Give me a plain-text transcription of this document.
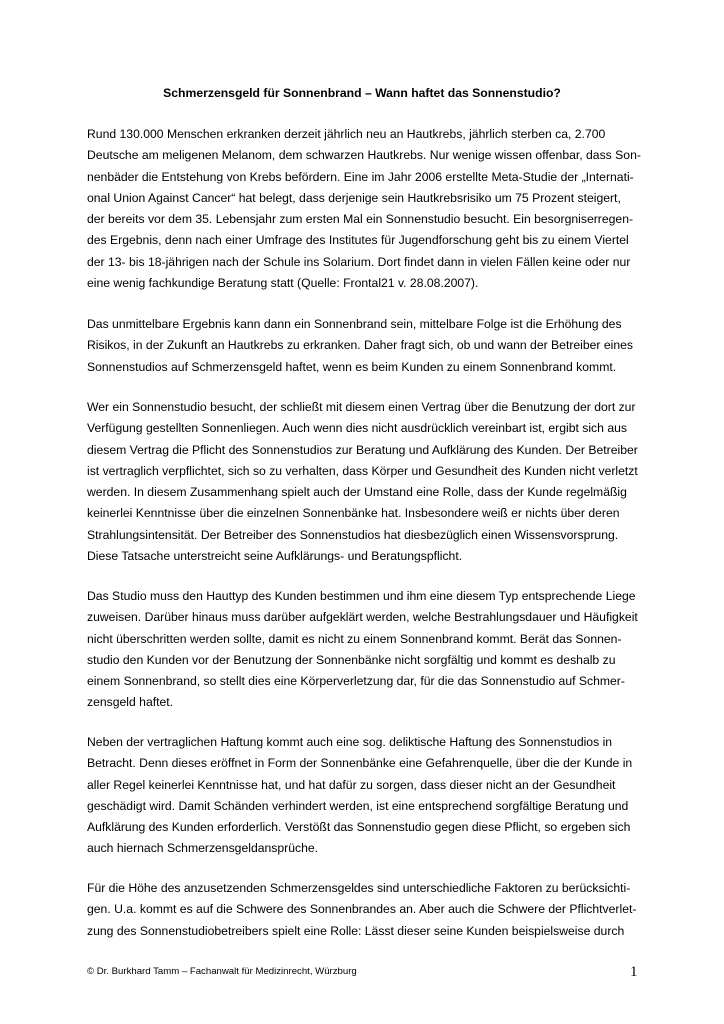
Schmerzensgeld für Sonnenbrand – Wann haftet das Sonnenstudio?
Rund 130.000 Menschen erkranken derzeit jährlich neu an Hautkrebs, jährlich sterben ca, 2.700
Deutsche am meligenen Melanom, dem schwarzen Hautkrebs. Nur wenige wissen offenbar, dass Son-
nenbäder die Entstehung von Krebs befördern. Eine im Jahr 2006 erstellte Meta-Studie der „Internati-
onal Union Against Cancer“ hat belegt, dass derjenige sein Hautkrebsrisiko um 75 Prozent steigert,
der bereits vor dem 35. Lebensjahr zum ersten Mal ein Sonnenstudio besucht. Ein besorgniserregen-
des Ergebnis, denn nach einer Umfrage des Institutes für Jugendforschung geht bis zu einem Viertel
der 13- bis 18-jährigen nach der Schule ins Solarium. Dort findet dann in vielen Fällen keine oder nur
eine wenig fachkundige Beratung statt (Quelle: Frontal21 v. 28.08.2007).
Das unmittelbare Ergebnis kann dann ein Sonnenbrand sein, mittelbare Folge ist die Erhöhung des
Risikos, in der Zukunft an Hautkrebs zu erkranken. Daher fragt sich, ob und wann der Betreiber eines
Sonnenstudios auf Schmerzensgeld haftet, wenn es beim Kunden zu einem Sonnenbrand kommt.
Wer ein Sonnenstudio besucht, der schließt mit diesem einen Vertrag über die Benutzung der dort zur
Verfügung gestellten Sonnenliegen. Auch wenn dies nicht ausdrücklich vereinbart ist, ergibt sich aus
diesem Vertrag die Pflicht des Sonnenstudios zur Beratung und Aufklärung des Kunden. Der Betreiber
ist vertraglich verpflichtet, sich so zu verhalten, dass Körper und Gesundheit des Kunden nicht verletzt
werden. In diesem Zusammenhang spielt auch der Umstand eine Rolle, dass der Kunde regelmäßig
keinerlei Kenntnisse über die einzelnen Sonnenbänke hat. Insbesondere weiß er nichts über deren
Strahlungsintensität. Der Betreiber des Sonnenstudios hat diesbezüglich einen Wissensvorsprung.
Diese Tatsache unterstreicht seine Aufklärungs- und Beratungspflicht.
Das Studio muss den Hauttyp des Kunden bestimmen und ihm eine diesem Typ entsprechende Liege
zuweisen. Darüber hinaus muss darüber aufgeklärt werden, welche Bestrahlungsdauer und Häufigkeit
nicht überschritten werden sollte, damit es nicht zu einem Sonnenbrand kommt. Berät das Sonnen-
studio den Kunden vor der Benutzung der Sonnenbänke nicht sorgfältig und kommt es deshalb zu
einem Sonnenbrand, so stellt dies eine Körperverletzung dar, für die das Sonnenstudio auf Schmer-
zensgeld haftet.
Neben der vertraglichen Haftung kommt auch eine sog. deliktische Haftung des Sonnenstudios in
Betracht. Denn dieses eröffnet in Form der Sonnenbänke eine Gefahrenquelle, über die der Kunde in
aller Regel keinerlei Kenntnisse hat, und hat dafür zu sorgen, dass dieser nicht an der Gesundheit
geschädigt wird. Damit Schänden verhindert werden, ist eine entsprechend sorgfältige Beratung und
Aufklärung des Kunden erforderlich. Verstößt das Sonnenstudio gegen diese Pflicht, so ergeben sich
auch hiernach Schmerzensgeldansprüche.
Für die Höhe des anzusetzenden Schmerzensgeldes sind unterschiedliche Faktoren zu berücksichti-
gen. U.a. kommt es auf die Schwere des Sonnenbrandes an. Aber auch die Schwere der Pflichtverlet-
zung des Sonnenstudiobetreibers spielt eine Rolle: Lässt dieser seine Kunden beispielsweise durch
© Dr. Burkhard Tamm – Fachanwalt für Medizinrecht, Würzburg	1
